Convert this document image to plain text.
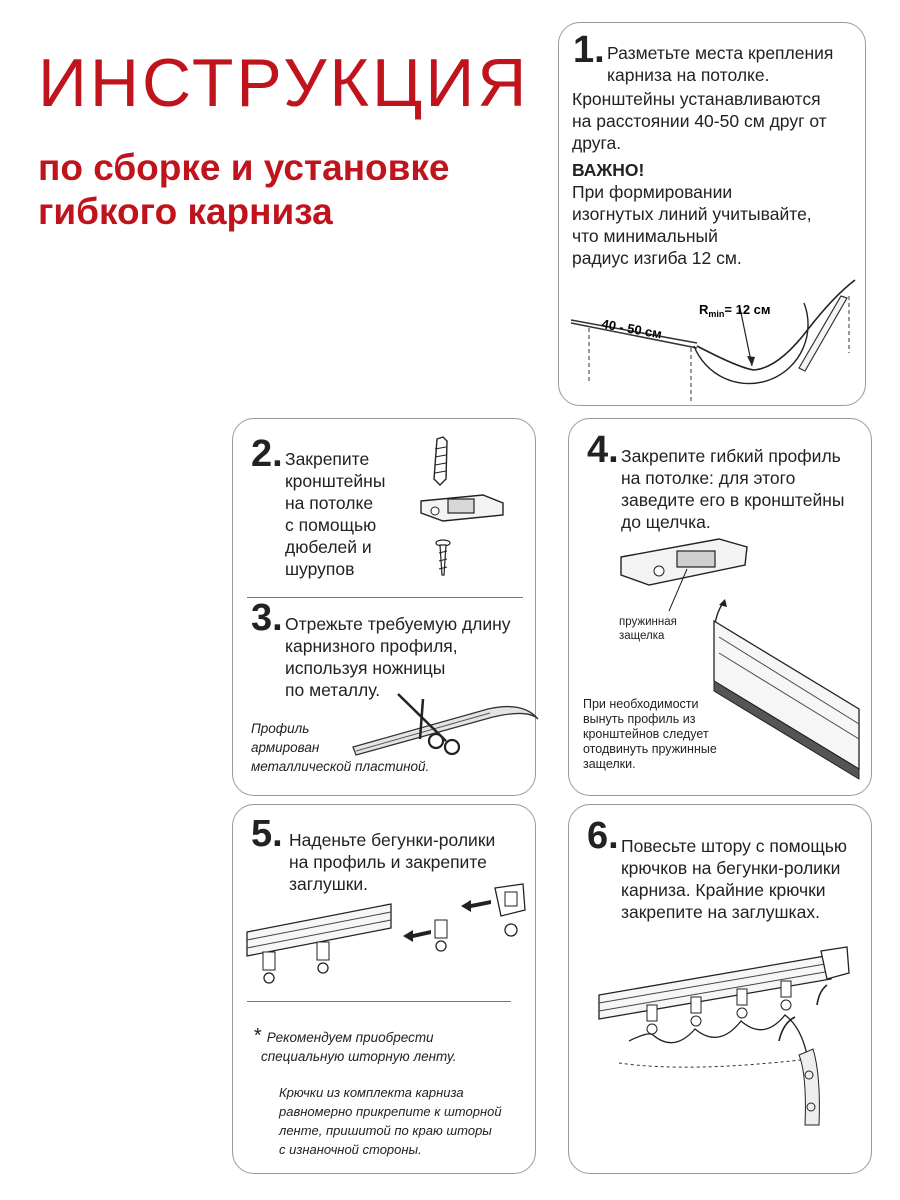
ИНСТРУКЦИЯ
по сборке и установке
гибкого карниза
1. Разметьте места крепления
карниза на потолке.
Кронштейны устанавливаются
на расстоянии 40-50 см друг от
друга.
ВАЖНО!
При формировании
изогнутых линий учитывайте,
что минимальный
радиус изгиба 12 см.
40 - 50 см
$R_{min}= 12$ см
2. Закрепите
кронштейны
на потолке
с помощью
дюбелей и
шурупов
3. Отрежьте требуемую длину
карнизного профиля,
используя ножницы
по металлу.
Профиль
армирован
металлической пластиной.
4. Закрепите гибкий профиль
на потолке: для этого
заведите его в кронштейны
до щелчка.
пружинная
защелка
При необходимости
вынуть профиль из
кронштейнов следует
отодвинуть пружинные
защелки.
5. Наденьте бегунки-ролики
на профиль и закрепите
заглушки.
* Рекомендуем приобрести
специальную шторную ленту.
Крючки из комплекта карниза
равномерно прикрепите к шторной
ленте, пришитой по краю шторы
с изнаночной стороны.
6. Повесьте штору с помощью
крючков на бегунки-ролики
карниза. Крайние крючки
закрепите на заглушках.
